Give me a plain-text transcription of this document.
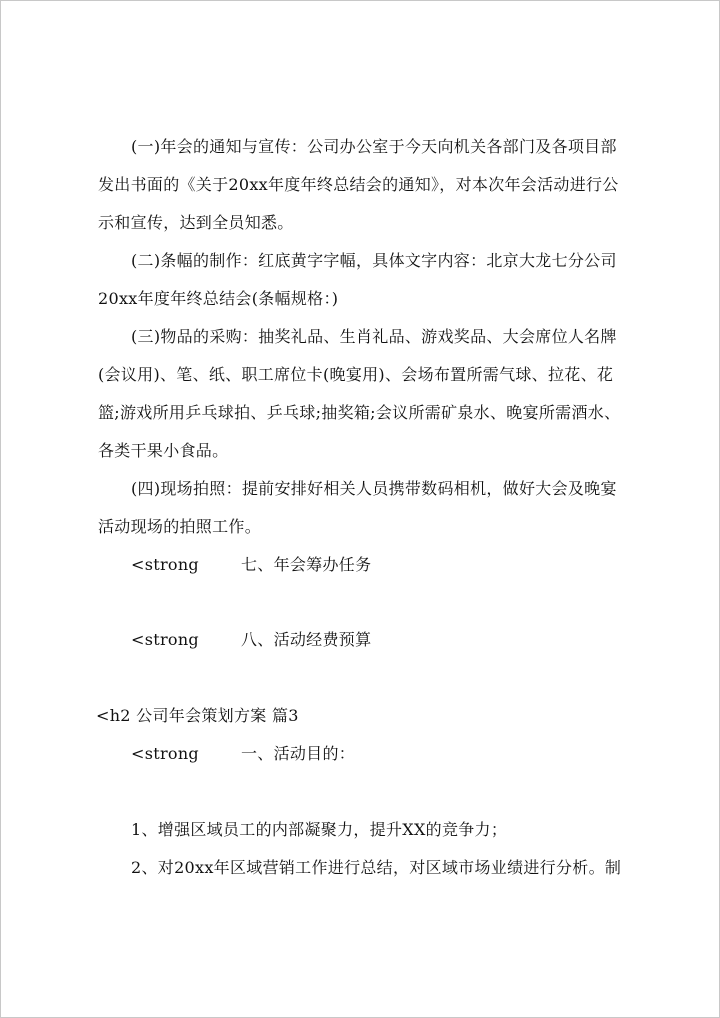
(一)年会的通知与宣传：公司办公室于今天向机关各部门及各项目部
发出书面的《关于20xx年度年终总结会的通知》，对本次年会活动进行公
示和宣传，达到全员知悉。
(二)条幅的制作：红底黄字字幅，具体文字内容：北京大龙七分公司
20xx年度年终总结会(条幅规格：)
(三)物品的采购：抽奖礼品、生肖礼品、游戏奖品、大会席位人名牌
(会议用)、笔、纸、职工席位卡(晚宴用)、会场布置所需气球、拉花、花
篮;游戏所用乒乓球拍、乒乓球;抽奖箱;会议所需矿泉水、晚宴所需酒水、
各类干果小食品。
(四)现场拍照：提前安排好相关人员携带数码相机，做好大会及晚宴
活动现场的拍照工作。
<strong	七、年会筹办任务
<strong	八、活动经费预算
<h2 公司年会策划方案 篇3
<strong	一、活动目的：
1、增强区域员工的内部凝聚力，提升XX的竞争力；
2、对20xx年区域营销工作进行总结，对区域市场业绩进行分析。制
